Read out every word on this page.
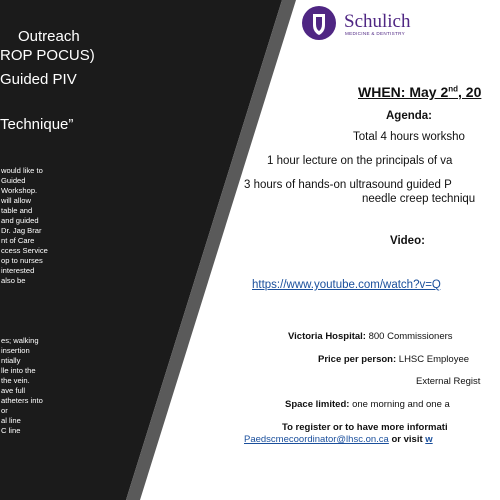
Outreach
ROP POCUS)
Guided PIV
Technique”
would like to
Guided
Workshop.
will allow
table and
and guided
Dr. Jag Brar
nt of Care
ccess Service
op to nurses
interested
also be
es; walking
insertion
ntially
lle into the
the vein.
ave full
atheters into
or
al line
C line
Schulich
MEDICINE & DENTISTRY
WHEN: May 2nd, 20
Agenda:
Total 4 hours worksho
1 hour lecture on the principals of va
3 hours of hands-on ultrasound guided P
needle creep techniqu
Video:
https://www.youtube.com/watch?v=Q
Victoria Hospital: 800 Commissioners
Price per person: LHSC Employee
External Regist
Space limited: one morning and one a
To register or to have more informati
Paedscmecoordinator@lhsc.on.ca or visit w
